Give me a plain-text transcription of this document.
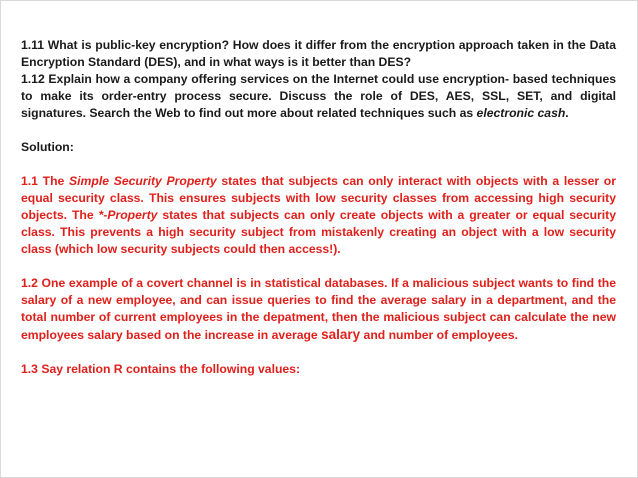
1.11 What is public-key encryption? How does it differ from the encryption approach taken in the Data Encryption Standard (DES), and in what ways is it better than DES?

1.12 Explain how a company offering services on the Internet could use encryption- based techniques to make its order-entry process secure. Discuss the role of DES, AES, SSL, SET, and digital signatures. Search the Web to find out more about related techniques such as electronic cash.

Solution:

1.1 The Simple Security Property states that subjects can only interact with objects with a lesser or equal security class. This ensures subjects with low security classes from accessing high security objects. The *-Property states that subjects can only create objects with a greater or equal security class. This prevents a high security subject from mistakenly creating an object with a low security class (which low security subjects could then access!).

1.2 One example of a covert channel is in statistical databases. If a malicious subject wants to find the salary of a new employee, and can issue queries to find the average salary in a department, and the total number of current employees in the depatment, then the malicious subject can calculate the new employees salary based on the increase in average salary and number of employees.

1.3 Say relation R contains the following values:
